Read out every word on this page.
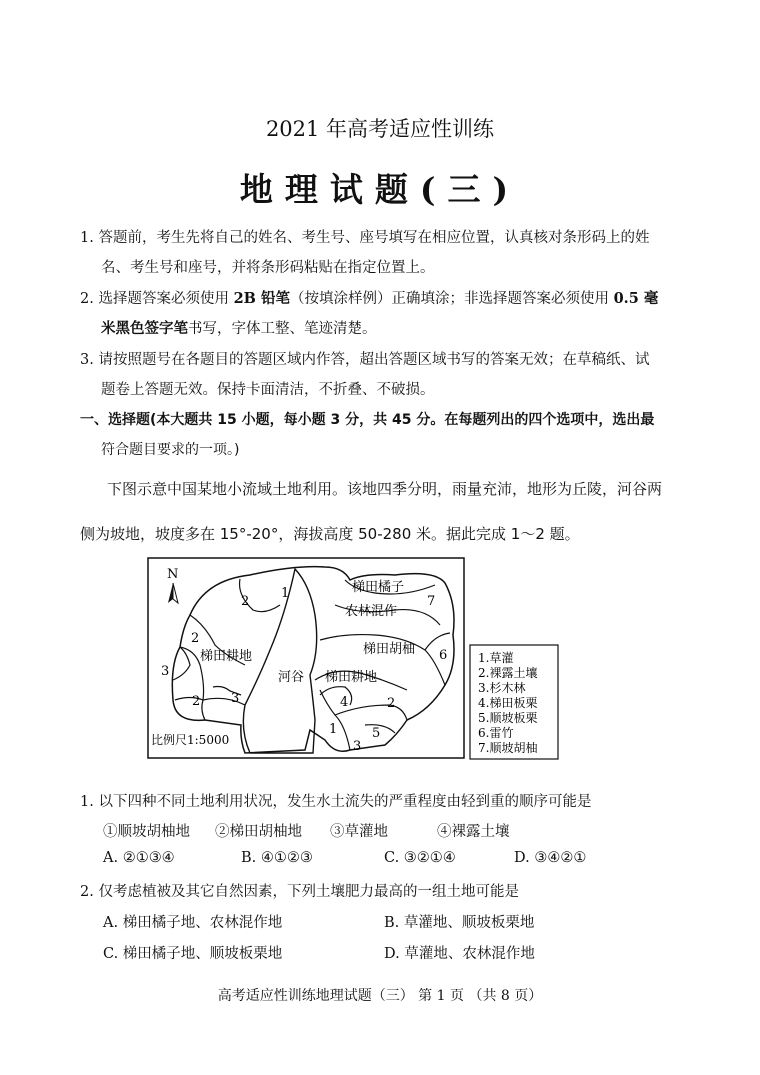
2021 年高考适应性训练
地理试题(三)
1. 答题前，考生先将自己的姓名、考生号、座号填写在相应位置，认真核对条形码上的姓
名、考生号和座号，并将条形码粘贴在指定位置上。
2. 选择题答案必须使用 2B 铅笔（按填涂样例）正确填涂；非选择题答案必须使用 0.5 毫
米黑色签字笔书写，字体工整、笔迹清楚。
3. 请按照题号在各题目的答题区域内作答，超出答题区域书写的答案无效；在草稿纸、试
题卷上答题无效。保持卡面清洁，不折叠、不破损。
一、选择题(本大题共 15 小题，每小题 3 分，共 45 分。在每题列出的四个选项中，选出最
符合题目要求的一项。)
下图示意中国某地小流域土地利用。该地四季分明，雨量充沛，地形为丘陵，河谷两
侧为坡地，坡度多在 15°-20°，海拔高度 50-280 米。据此完成 1～2 题。
N
梯田橘子
农林混作
梯田胡柚
梯田耕地
河谷 梯田耕地
1
2
2
3
2 3
7
6
4	2
1	5
3
比例尺1:5000
1.草灌
2.裸露土壤
3.杉木林
4.梯田板栗
5.顺坡板栗
6.雷竹
7.顺坡胡柚
1. 以下四种不同土地利用状况，发生水土流失的严重程度由轻到重的顺序可能是
①顺坡胡柚地 ②梯田胡柚地 ③草灌地	④裸露土壤
A. ②①③④	B. ④①②③	C. ③②①④	D. ③④②①
2. 仅考虑植被及其它自然因素，下列土壤肥力最高的一组土地可能是
A. 梯田橘子地、农林混作地	B. 草灌地、顺坡板栗地
C. 梯田橘子地、顺坡板栗地	D. 草灌地、农林混作地
高考适应性训练地理试题（三） 第 1 页 （共 8 页）
